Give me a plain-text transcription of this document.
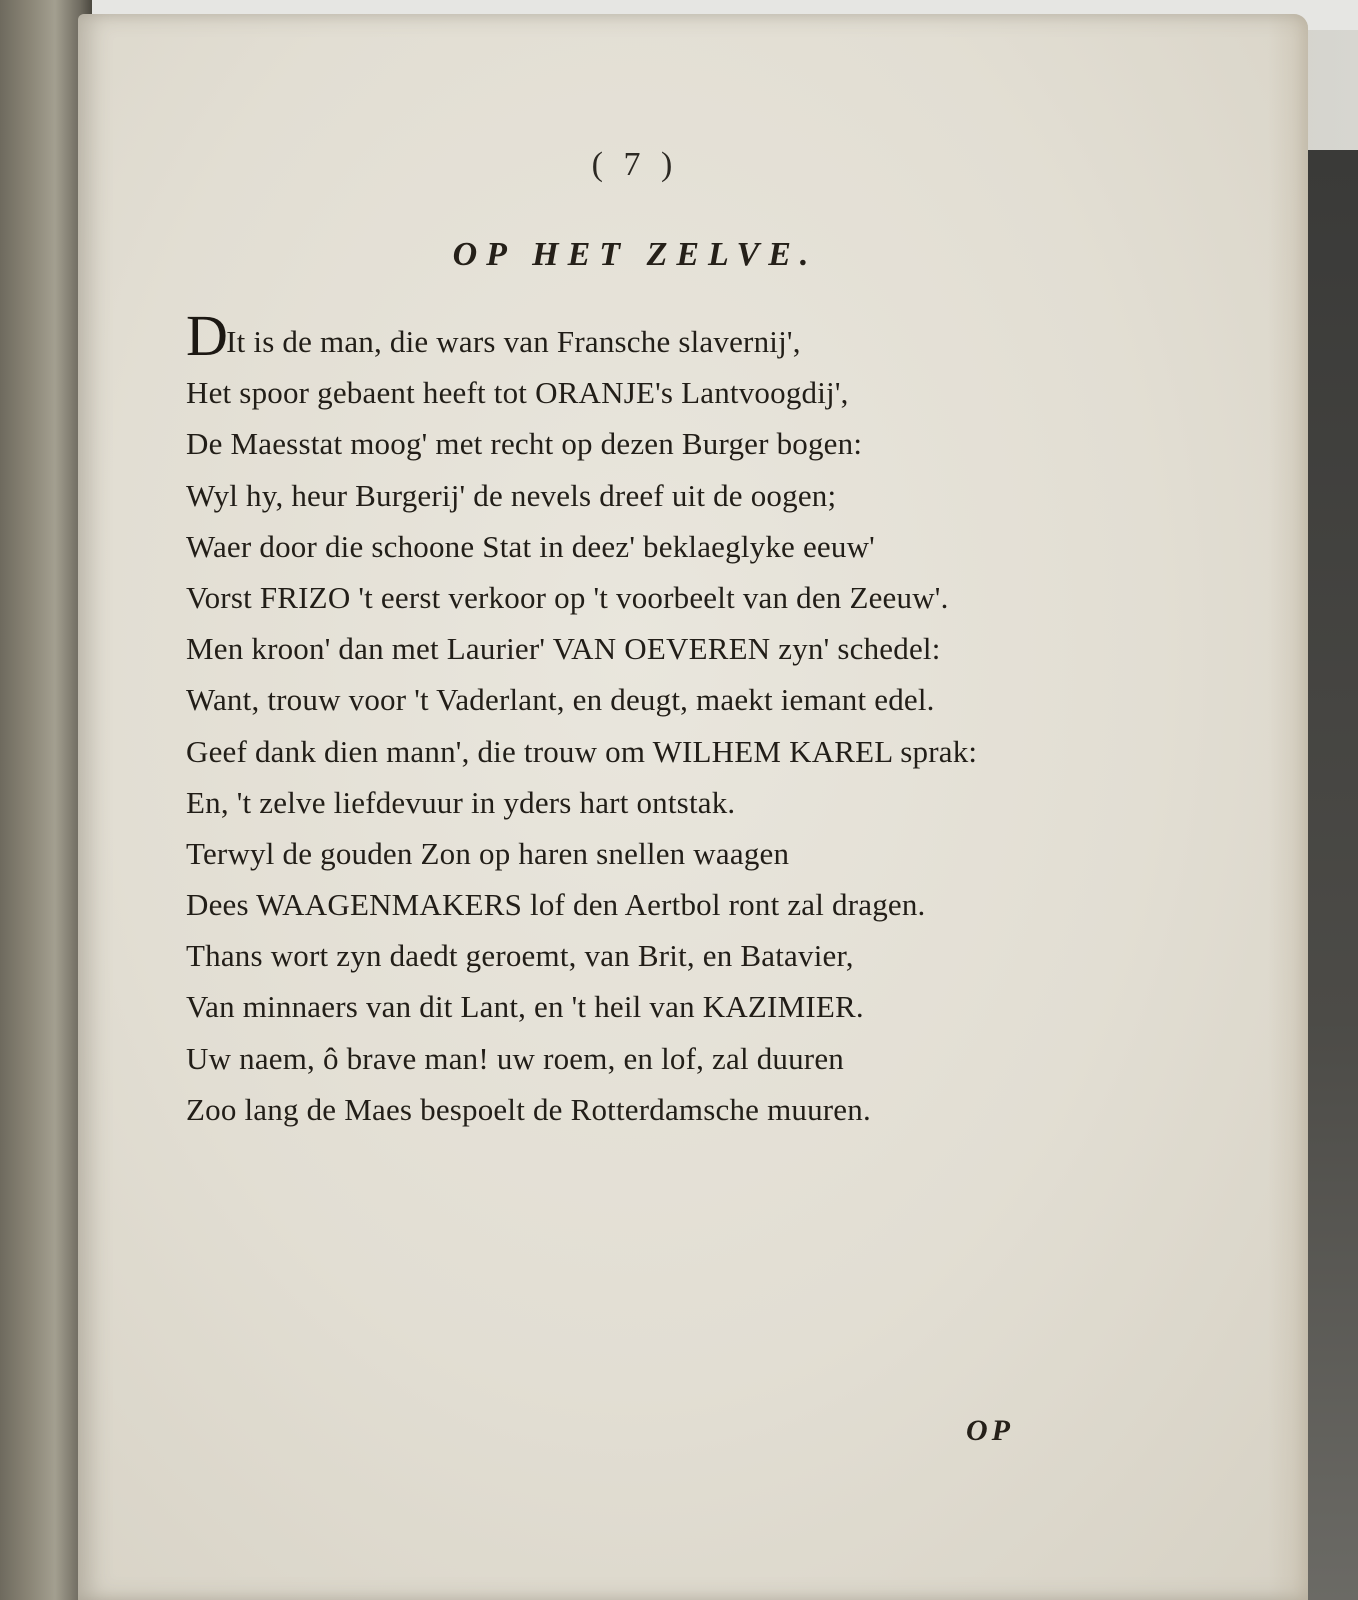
( 7 )
OP HET ZELVE.
DIt is de man, die wars van Fransche slavernij',
Het spoor gebaent heeft tot ORANJE's Lantvoogdij',
De Maesstat moog' met recht op dezen Burger bogen:
Wyl hy, heur Burgerij' de nevels dreef uit de oogen;
Waer door die schoone Stat in deez' beklaeglyke eeuw'
Vorst FRIZO 't eerst verkoor op 't voorbeelt van den Zeeuw'.
Men kroon' dan met Laurier' VAN OEVEREN zyn' schedel:
Want, trouw voor 't Vaderlant, en deugt, maekt iemant edel.
Geef dank dien mann', die trouw om WILHEM KAREL sprak:
En, 't zelve liefdevuur in yders hart ontstak.
Terwyl de gouden Zon op haren snellen waagen
Dees WAAGENMAKERS lof den Aertbol ront zal dragen.
Thans wort zyn daedt geroemt, van Brit, en Batavier,
Van minnaers van dit Lant, en 't heil van KAZIMIER.
Uw naem, ô brave man! uw roem, en lof, zal duuren
Zoo lang de Maes bespoelt de Rotterdamsche muuren.
OP
